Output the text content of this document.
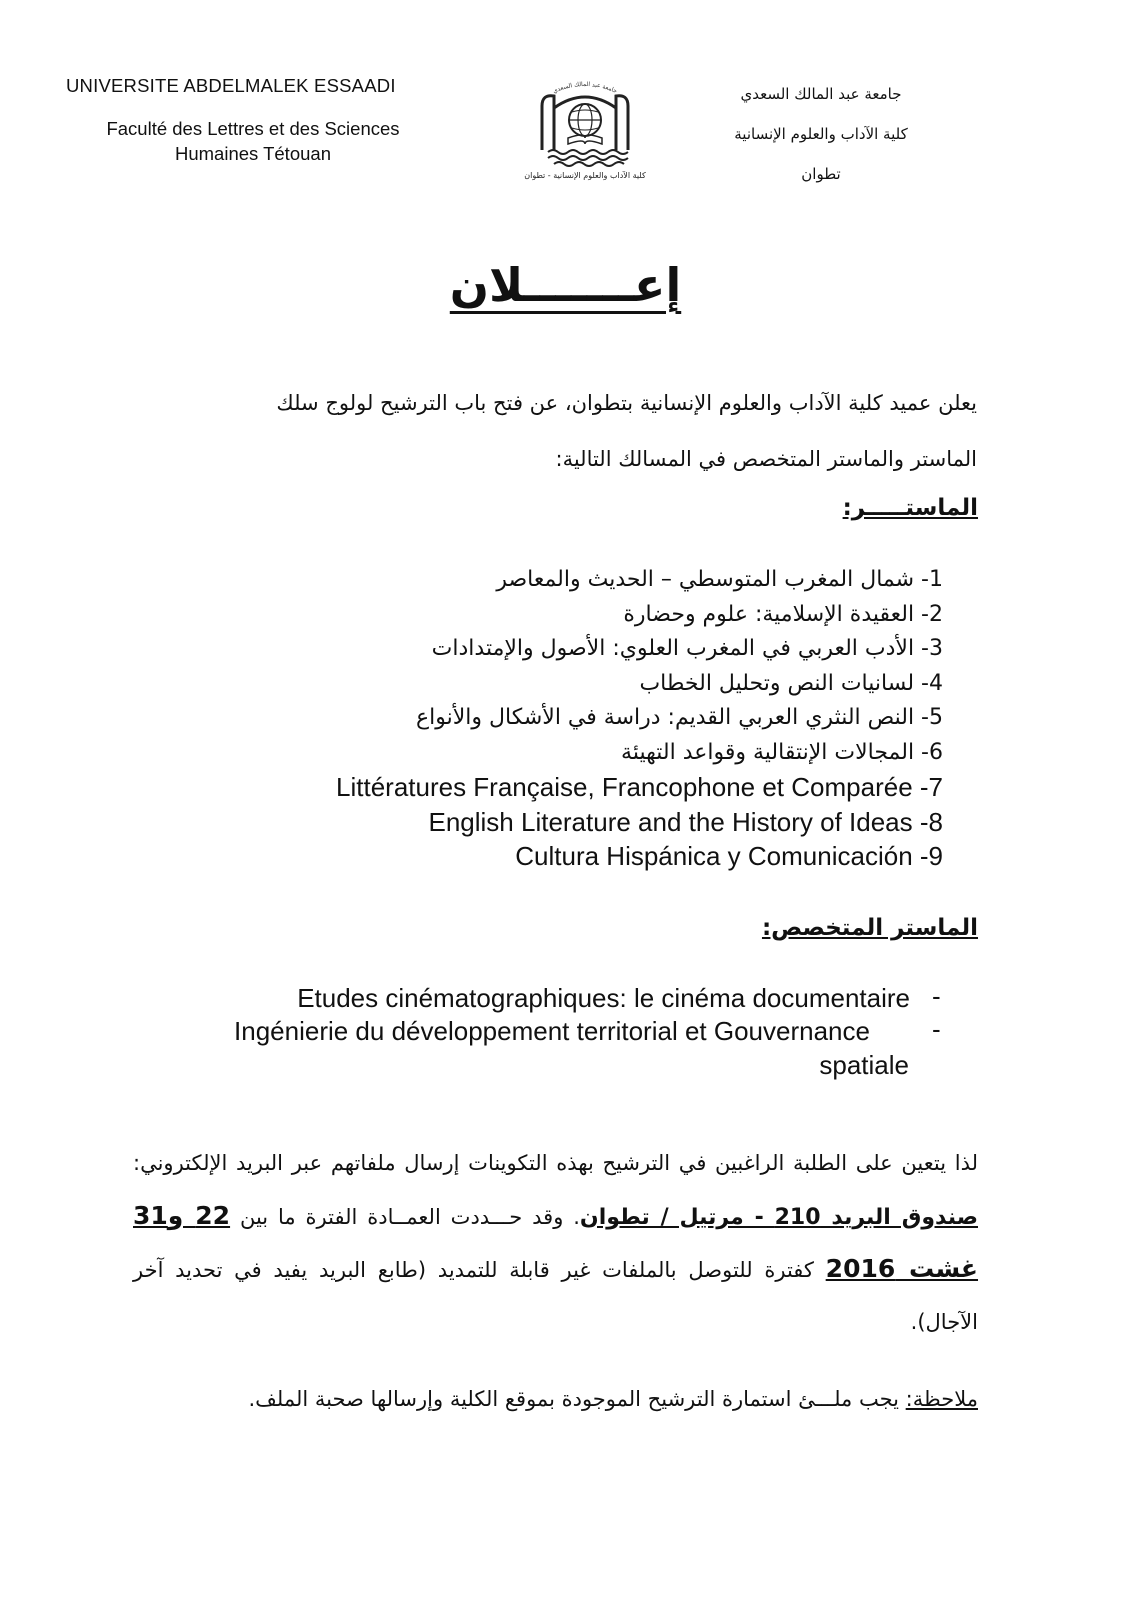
UNIVERSITE ABDELMALEK ESSAADI
Faculté des Lettres et des Sciences
Humaines Tétouan
جامعة عبد المالك السعدي
كلية الآداب والعلوم الإنسانية - تطوان
جامعة عبد المالك السعدي
كلية الآداب والعلوم الإنسانية
تطوان
إعـــــــلان
يعلن عميد كلية الآداب والعلوم الإنسانية بتطوان، عن فتح باب الترشيح لولوج سلك
الماستر والماستر المتخصص في المسالك التالية:
الماستـــــر:
1- شمال المغرب المتوسطي – الحديث والمعاصر
2- العقيدة الإسلامية: علوم وحضارة
3- الأدب العربي في المغرب العلوي: الأصول والإمتدادات
4- لسانيات النص وتحليل الخطاب
5- النص النثري العربي القديم: دراسة في الأشكال والأنواع
6- المجالات الإنتقالية وقواعد التهيئة
Littératures Française, Francophone et Comparée -7
English Literature and the History of Ideas -8
Cultura Hispánica y Comunicación -9
الماستر المتخصص:
Etudes cinématographiques: le cinéma documentaire -
Ingénierie du développement territorial et Gouvernance
spatiale
-
لذا يتعين على الطلبة الراغبين في الترشيح بهذه التكوينات إرسال ملفاتهم عبر البريد الإلكتروني: صندوق البريد 210 - مرتيل / تطوان. وقد حـــددت العمــادة الفترة ما بين 22 و31 غشت 2016 كفترة للتوصل بالملفات غير قابلة للتمديد (طابع البريد يفيد في تحديد آخر الآجال).
ملاحظة: يجب ملـــئ استمارة الترشيح الموجودة بموقع الكلية وإرسالها صحبة الملف.
